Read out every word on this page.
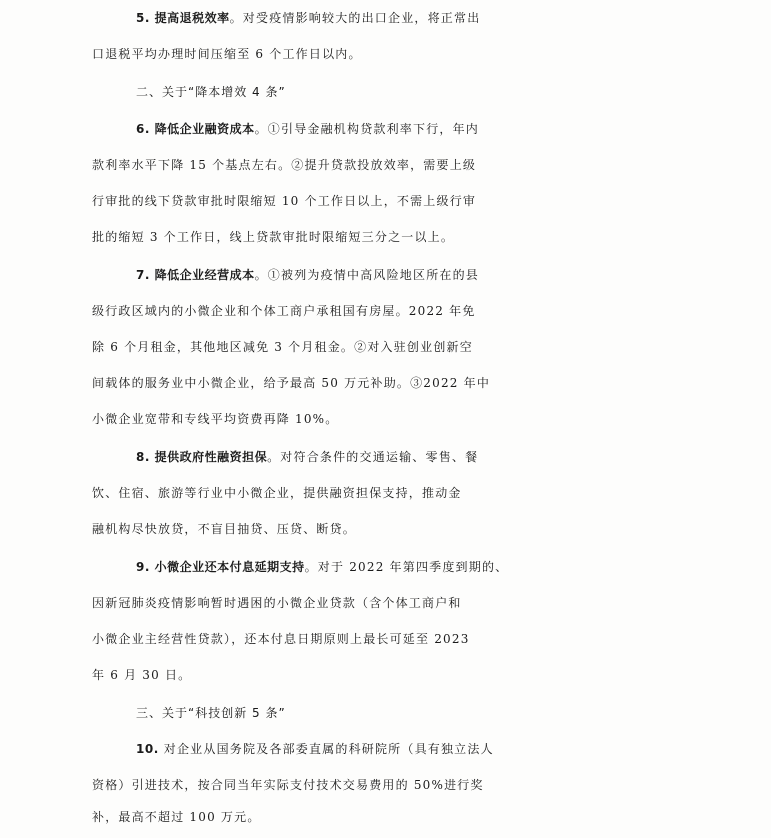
5. 提高退税效率。对受疫情影响较大的出口企业，将正常出
口退税平均办理时间压缩至 6 个工作日以内。
二、关于“降本增效 4 条”
6. 降低企业融资成本。①引导金融机构贷款利率下行，年内
款利率水平下降 15 个基点左右。②提升贷款投放效率，需要上级
行审批的线下贷款审批时限缩短 10 个工作日以上，不需上级行审
批的缩短 3 个工作日，线上贷款审批时限缩短三分之一以上。
7. 降低企业经营成本。①被列为疫情中高风险地区所在的县
级行政区域内的小微企业和个体工商户承租国有房屋。2022 年免
除 6 个月租金，其他地区减免 3 个月租金。②对入驻创业创新空
间载体的服务业中小微企业，给予最高 50 万元补助。③2022 年中
小微企业宽带和专线平均资费再降 10%。
8. 提供政府性融资担保。对符合条件的交通运输、零售、餐
饮、住宿、旅游等行业中小微企业，提供融资担保支持，推动金
融机构尽快放贷，不盲目抽贷、压贷、断贷。
9. 小微企业还本付息延期支持。对于 2022 年第四季度到期的、
因新冠肺炎疫情影响暂时遇困的小微企业贷款（含个体工商户和
小微企业主经营性贷款），还本付息日期原则上最长可延至 2023
年 6 月 30 日。
三、关于“科技创新 5 条”
10. 对企业从国务院及各部委直属的科研院所（具有独立法人
资格）引进技术，按合同当年实际支付技术交易费用的 50%进行奖
补，最高不超过 100 万元。
